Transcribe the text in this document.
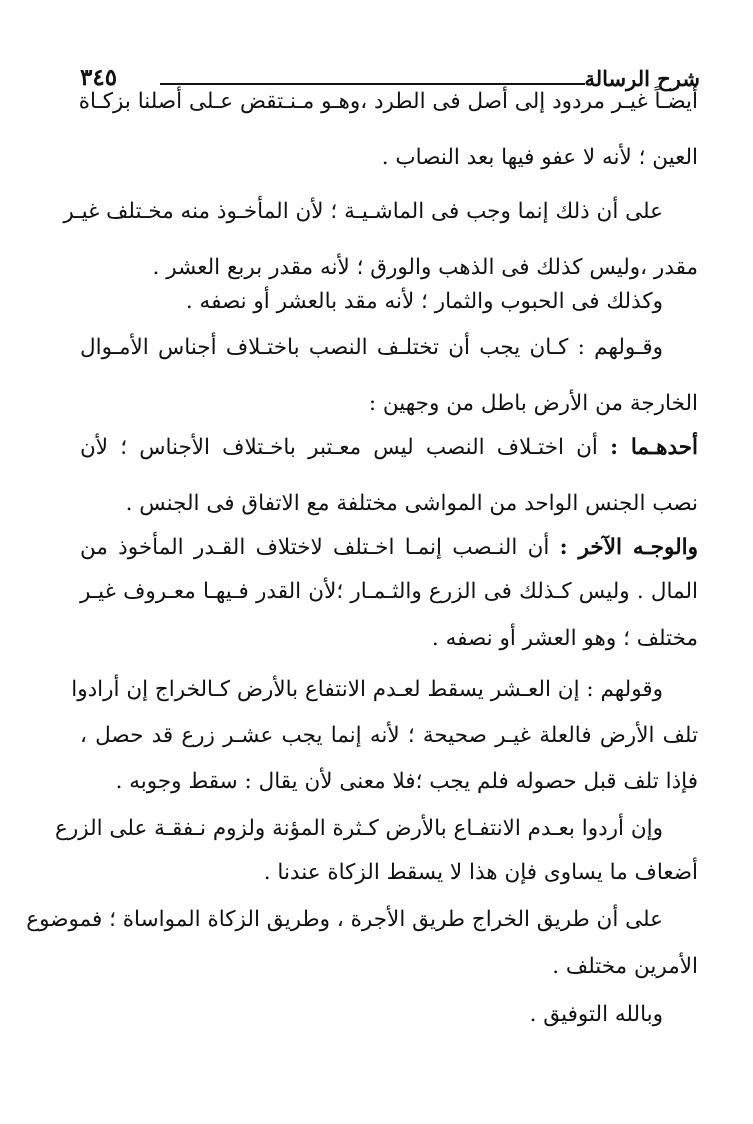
شرح الرسالة
٣٤٥
أيضـاً غيـر مردود إلى أصل فى الطرد ،وهـو مـنـتقض عـلى أصلنا بزكـاة
العين ؛ لأنه لا عفو فيها بعد النصاب .
على أن ذلك إنما وجب فى الماشـيـة ؛ لأن المأخـوذ منه مخـتلف غيـر
مقدر ،وليس كذلك فى الذهب والورق ؛ لأنه مقدر بربع العشر .
وكذلك فى الحبوب والثمار ؛ لأنه مقد بالعشر أو نصفه .
وقـولهم : كـان يجب أن تختلـف النصب باختـلاف أجناس الأمـوال
الخارجة من الأرض باطل من وجهين :
أحدهـما : أن اختـلاف النصب ليس معـتبر باخـتلاف الأجناس ؛ لأن
نصب الجنس الواحد من المواشى مختلفة مع الاتفاق فى الجنس .
والوجـه الآخر : أن النـصب إنمـا اخـتلف لاختلاف القـدر المأخوذ من
المال . وليس كـذلك فى الزرع والثـمـار ؛لأن القدر فـيهـا معـروف غيـر
مختلف ؛ وهو العشر أو نصفه .
وقولهم : إن العـشر يسقط لعـدم الانتفاع بالأرض كـالخراج إن أرادوا
تلف الأرض فالعلة غيـر صحيحة ؛ لأنه إنما يجب عشـر زرع قد حصل ،
فإذا تلف قبل حصوله فلم يجب ؛فلا معنى لأن يقال : سقط وجوبه .
وإن أردوا بعـدم الانتفـاع بالأرض كـثرة المؤنة ولزوم نـفقـة على الزرع
أضعاف ما يساوى فإن هذا لا يسقط الزكاة عندنا .
على أن طريق الخراج طريق الأجرة ، وطريق الزكاة المواساة ؛ فموضوع
الأمرين مختلف .
وبالله التوفيق .
